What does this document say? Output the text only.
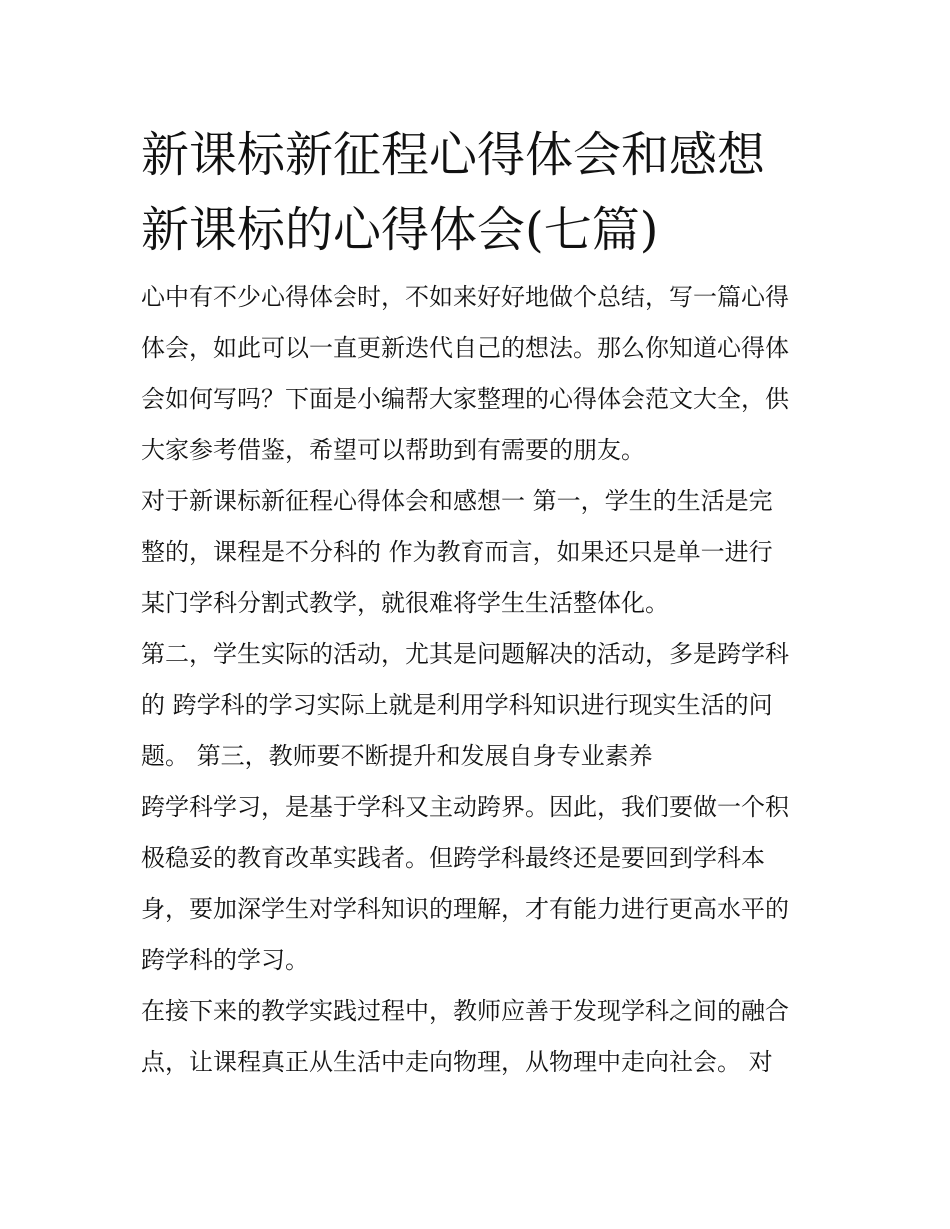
新课标新征程心得体会和感想
新课标的心得体会(七篇)

心中有不少心得体会时，不如来好好地做个总结，写一篇心得
体会，如此可以一直更新迭代自己的想法。那么你知道心得体
会如何写吗？下面是小编帮大家整理的心得体会范文大全，供
大家参考借鉴，希望可以帮助到有需要的朋友。

对于新课标新征程心得体会和感想一 第一，学生的生活是完
整的，课程是不分科的 作为教育而言，如果还只是单一进行
某门学科分割式教学，就很难将学生生活整体化。

第二，学生实际的活动，尤其是问题解决的活动，多是跨学科
的 跨学科的学习实际上就是利用学科知识进行现实生活的问
题。 第三，教师要不断提升和发展自身专业素养

跨学科学习，是基于学科又主动跨界。因此，我们要做一个积
极稳妥的教育改革实践者。但跨学科最终还是要回到学科本
身，要加深学生对学科知识的理解，才有能力进行更高水平的
跨学科的学习。

在接下来的教学实践过程中，教师应善于发现学科之间的融合
点，让课程真正从生活中走向物理，从物理中走向社会。 对
